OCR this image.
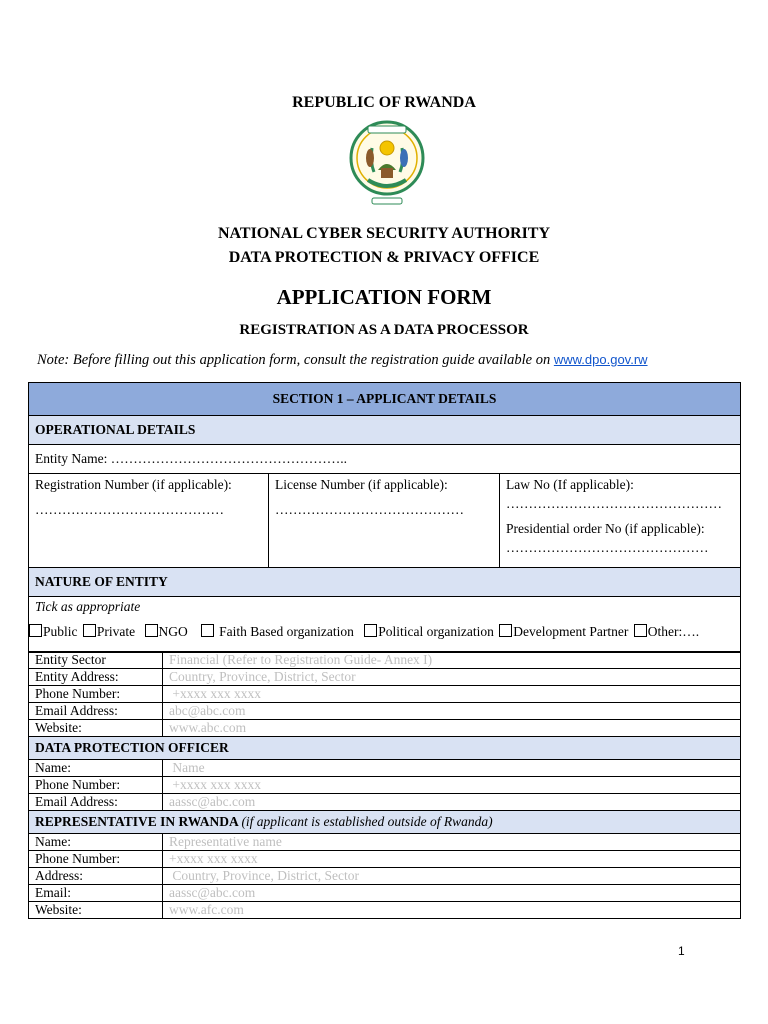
REPUBLIC OF RWANDA
NATIONAL CYBER SECURITY AUTHORITY
DATA PROTECTION & PRIVACY OFFICE
APPLICATION FORM
REGISTRATION AS A DATA PROCESSOR
Note: Before filling out this application form, consult the registration guide available on www.dpo.gov.rw
SECTION 1 – APPLICANT DETAILS
OPERATIONAL DETAILS
Entity Name: ……………………………………………..

Registration Number (if applicable):
……………………………………

License Number (if applicable):
……………………………………

Law No (If applicable):
…………………………………………
Presidential order No (if applicable):
………………………………………

NATURE OF ENTITY

Tick as appropriate
Public Private NGO Faith Based organization Political organization Development Partner Other:….
Entity Sector	Financial (Refer to Registration Guide- Annex I)
Entity Address:	Country, Province, District, Sector
Phone Number:	+xxxx xxx xxxx
Email Address:	abc@abc.com
Website:	www.abc.com
DATA PROTECTION OFFICER	
Name:	Name
Phone Number:	+xxxx xxx xxxx
Email Address:	aassc@abc.com
REPRESENTATIVE IN RWANDA (if applicant is established outside of Rwanda)	
Name:	Representative name
Phone Number:	+xxxx xxx xxxx
Address:	Country, Province, District, Sector
Email:	aassc@abc.com
Website:	www.afc.com
1
